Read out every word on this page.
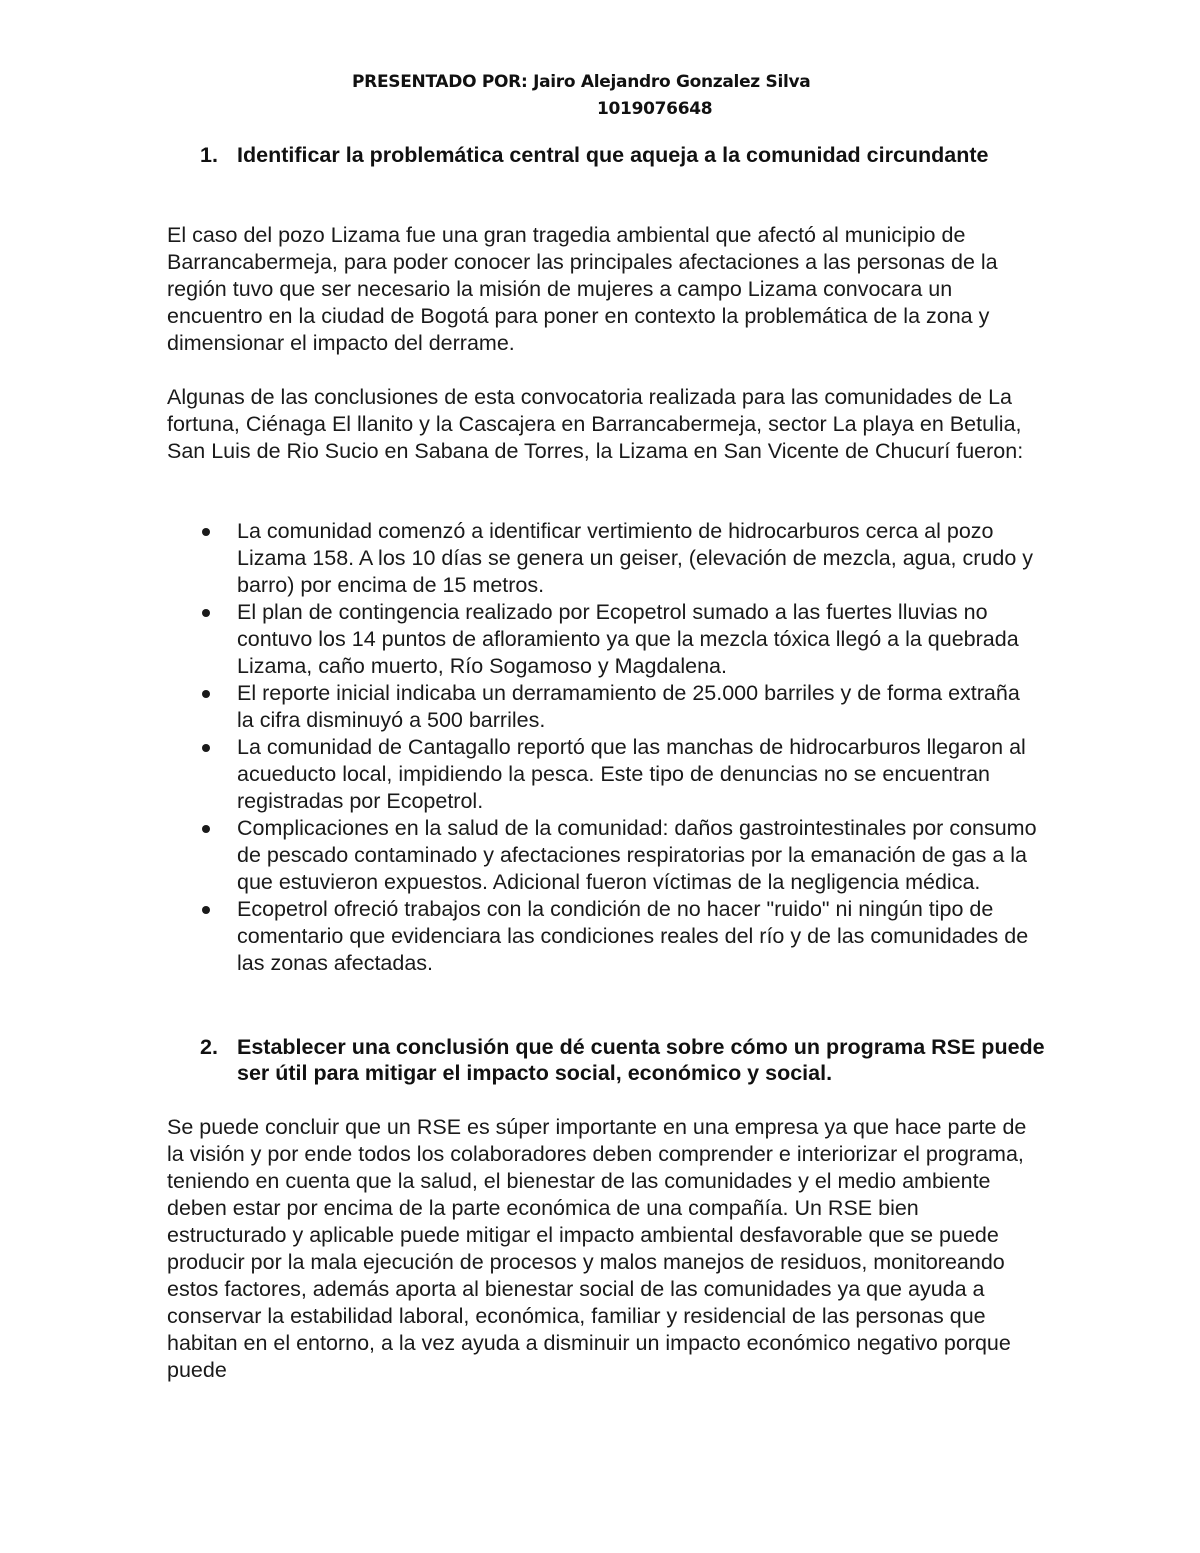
PRESENTADO POR: Jairo Alejandro Gonzalez Silva
1019076648
1. Identificar la problemática central que aqueja a la comunidad circundante

El caso del pozo Lizama fue una gran tragedia ambiental que afectó al municipio de Barrancabermeja, para poder conocer las principales afectaciones a las personas de la región tuvo que ser necesario la misión de mujeres a campo Lizama convocara un encuentro en la ciudad de Bogotá para poner en contexto la problemática de la zona y dimensionar el impacto del derrame.

Algunas de las conclusiones de esta convocatoria realizada para las comunidades de La fortuna, Ciénaga El llanito y la Cascajera en Barrancabermeja, sector La playa en Betulia, San Luis de Rio Sucio en Sabana de Torres, la Lizama en San Vicente de Chucurí fueron:

La comunidad comenzó a identificar vertimiento de hidrocarburos cerca al pozo Lizama 158. A los 10 días se genera un geiser, (elevación de mezcla, agua, crudo y barro) por encima de 15 metros.
El plan de contingencia realizado por Ecopetrol sumado a las fuertes lluvias no contuvo los 14 puntos de afloramiento ya que la mezcla tóxica llegó a la quebrada Lizama, caño muerto, Río Sogamoso y Magdalena.
El reporte inicial indicaba un derramamiento de 25.000 barriles y de forma extraña la cifra disminuyó a 500 barriles.
La comunidad de Cantagallo reportó que las manchas de hidrocarburos llegaron al acueducto local, impidiendo la pesca. Este tipo de denuncias no se encuentran registradas por Ecopetrol.
Complicaciones en la salud de la comunidad: daños gastrointestinales por consumo de pescado contaminado y afectaciones respiratorias por la emanación de gas a la que estuvieron expuestos. Adicional fueron víctimas de la negligencia médica.
Ecopetrol ofreció trabajos con la condición de no hacer "ruido" ni ningún tipo de comentario que evidenciara las condiciones reales del río y de las comunidades de las zonas afectadas.
2. Establecer una conclusión que dé cuenta sobre cómo un programa RSE puede ser útil para mitigar el impacto social, económico y social.

Se puede concluir que un RSE es súper importante en una empresa ya que hace parte de la visión y por ende todos los colaboradores deben comprender e interiorizar el programa, teniendo en cuenta que la salud, el bienestar de las comunidades y el medio ambiente deben estar por encima de la parte económica de una compañía. Un RSE bien estructurado y aplicable puede mitigar el impacto ambiental desfavorable que se puede producir por la mala ejecución de procesos y malos manejos de residuos, monitoreando estos factores, además aporta al bienestar social de las comunidades ya que ayuda a conservar la estabilidad laboral, económica, familiar y residencial de las personas que habitan en el entorno, a la vez ayuda a disminuir un impacto económico negativo porque puede
